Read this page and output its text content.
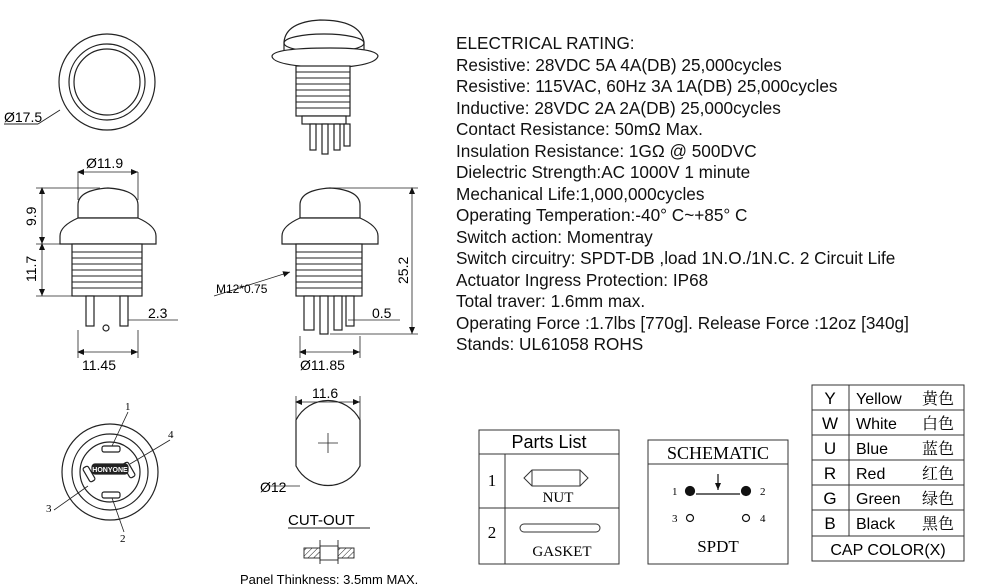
Ø17.5
Ø11.9
9.9
11.7
2.3
11.45
M12*0.75
25.2
0.5
Ø11.85
HONYONE
1
4
3
2
11.6
Ø12
CUT-OUT
Panel Thinkness: 3.5mm MAX.
Parts List
1
2
NUT
GASKET
SCHEMATIC
1	2
3	4
SPDT
Y Yellow 黄色
W White 白色
U Blue 蓝色
R Red 红色
G Green 绿色
B Black 黑色
CAP COLOR(X)
ELECTRICAL RATING:
Resistive: 28VDC 5A 4A(DB) 25,000cycles
Resistive: 115VAC, 60Hz 3A 1A(DB) 25,000cycles
Inductive: 28VDC 2A 2A(DB) 25,000cycles
Contact Resistance: 50mΩ Max.
Insulation Resistance: 1GΩ @ 500DVC
Dielectric Strength:AC 1000V 1 minute
Mechanical Life:1,000,000cycles
Operating Temperation:-40° C~+85° C
Switch action: Momentray
Switch circuitry: SPDT-DB ,load 1N.O./1N.C. 2 Circuit Life
Actuator Ingress Protection: IP68
Total traver: 1.6mm max.
Operating Force :1.7lbs [770g]. Release Force :12oz [340g]
Stands: UL61058 ROHS
